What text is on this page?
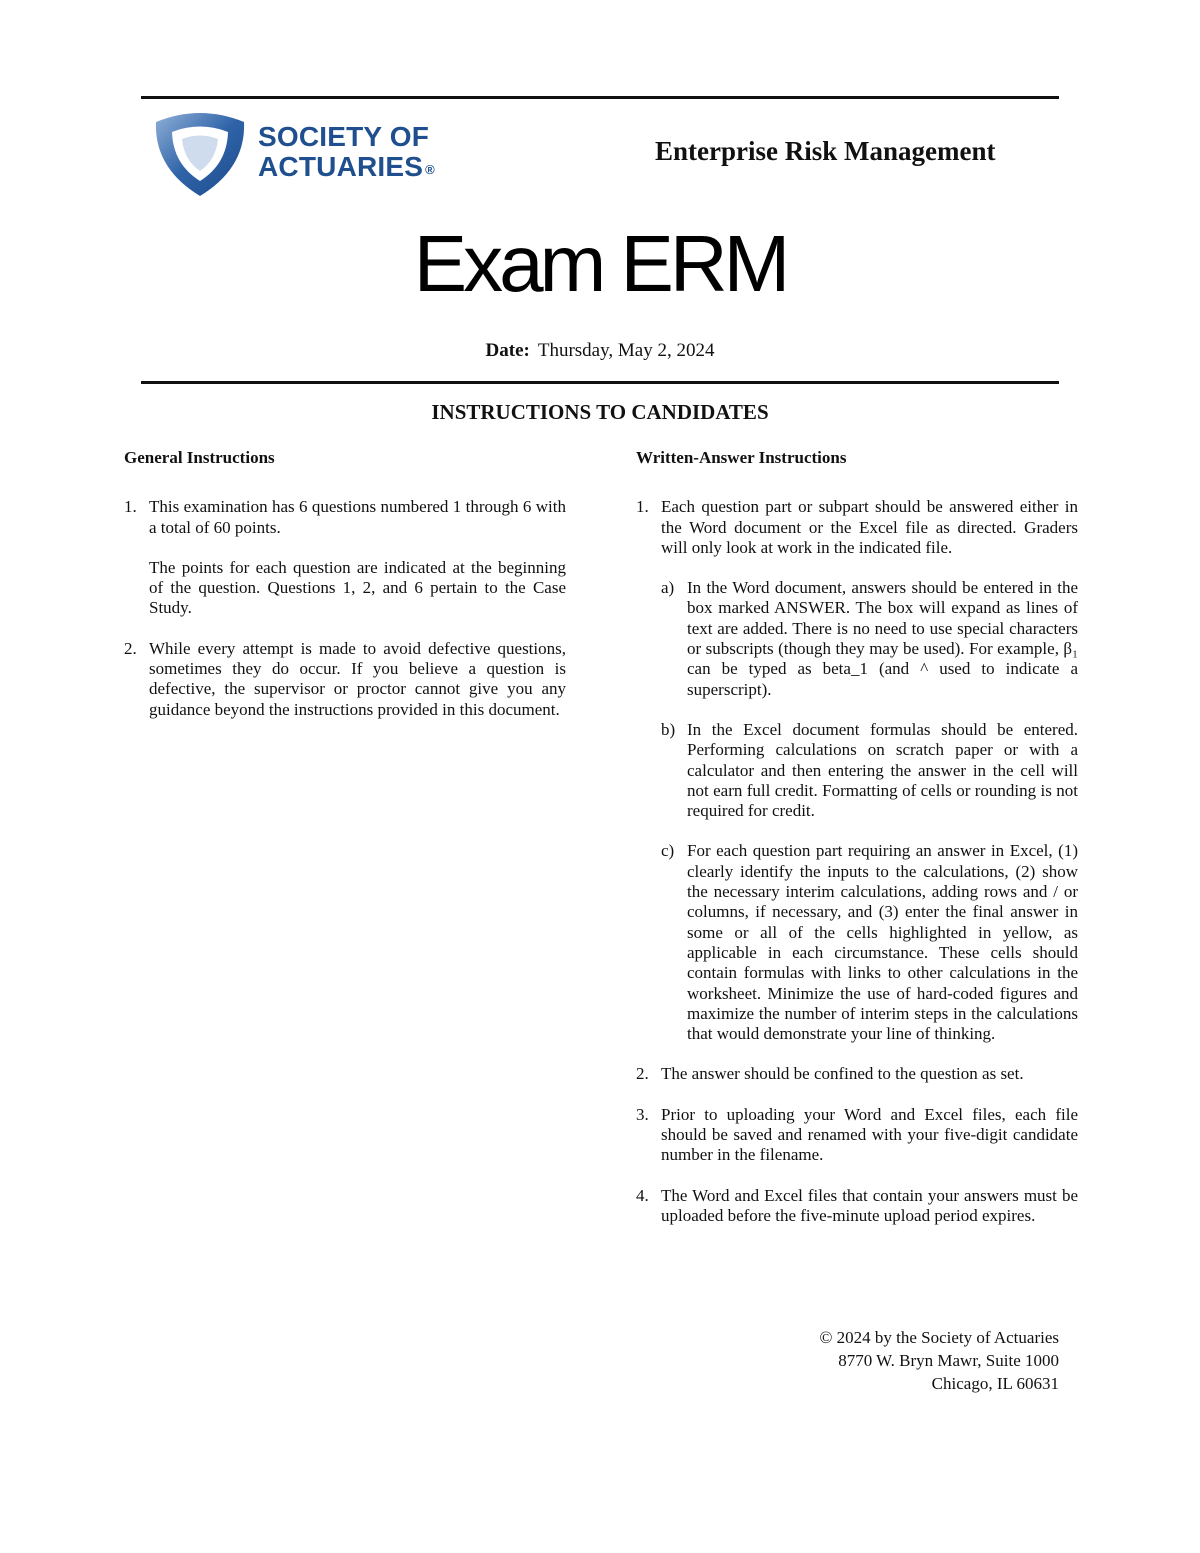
SOCIETY OF
ACTUARIES ®
Enterprise Risk Management
Exam ERM
Date: Thursday, May 2, 2024
INSTRUCTIONS TO CANDIDATES
General Instructions
1. This examination has 6 questions numbered 1 through 6 with a total of 60 points.

The points for each question are indicated at the beginning of the question. Questions 1, 2, and 6 pertain to the Case Study.

2. While every attempt is made to avoid defective questions, sometimes they do occur. If you believe a question is defective, the supervisor or proctor cannot give you any guidance beyond the instructions provided in this document.

Written-Answer Instructions
1. Each question part or subpart should be answered either in the Word document or the Excel file as directed. Graders will only look at work in the indicated file.

a) In the Word document, answers should be entered in the box marked ANSWER. The box will expand as lines of text are added. There is no need to use special characters or subscripts (though they may be used). For example, β₁ can be typed as beta_1 (and ^ used to indicate a superscript).
b) In the Excel document formulas should be entered. Performing calculations on scratch paper or with a calculator and then entering the answer in the cell will not earn full credit. Formatting of cells or rounding is not required for credit.
c) For each question part requiring an answer in Excel, (1) clearly identify the inputs to the calculations, (2) show the necessary interim calculations, adding rows and / or columns, if necessary, and (3) enter the final answer in some or all of the cells highlighted in yellow, as applicable in each circumstance. These cells should contain formulas with links to other calculations in the worksheet. Minimize the use of hard-coded figures and maximize the number of interim steps in the calculations that would demonstrate your line of thinking.
2. The answer should be confined to the question as set.

3. Prior to uploading your Word and Excel files, each file should be saved and renamed with your five-digit candidate number in the filename.

4. The Word and Excel files that contain your answers must be uploaded before the five-minute upload period expires.

© 2024 by the Society of Actuaries
8770 W. Bryn Mawr, Suite 1000
Chicago, IL 60631
